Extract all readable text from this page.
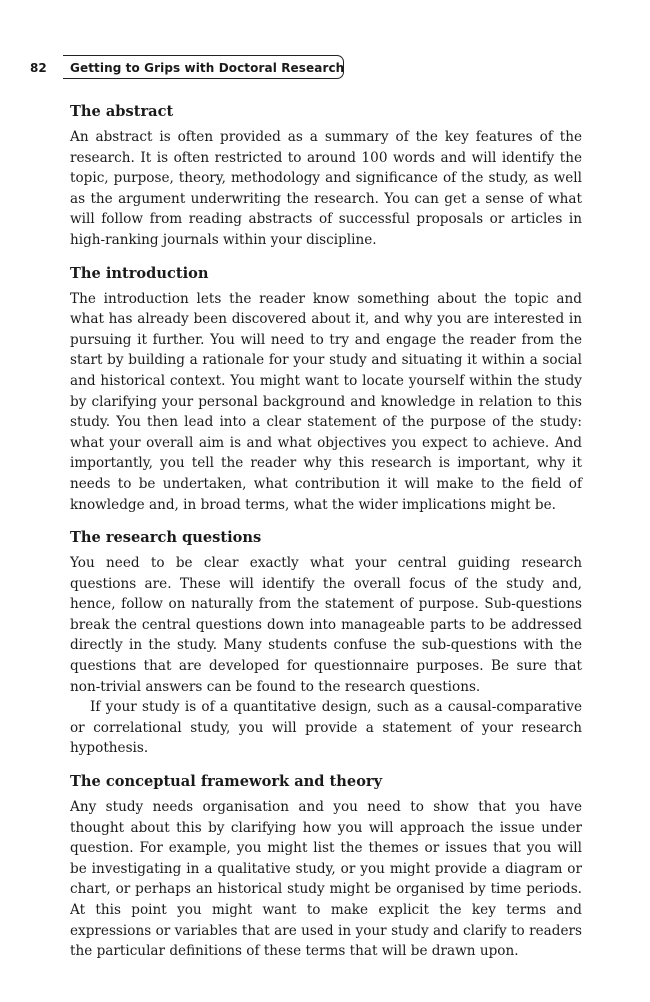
82 Getting to Grips with Doctoral Research
The abstract

An abstract is often provided as a summary of the key features of the research. It is often restricted to around 100 words and will identify the topic, purpose, theory, methodology and significance of the study, as well as the argument underwriting the research. You can get a sense of what will follow from reading abstracts of successful proposals or articles in high-ranking journals within your discipline.

The introduction

The introduction lets the reader know something about the topic and what has already been discovered about it, and why you are interested in pursuing it further. You will need to try and engage the reader from the start by building a rationale for your study and situating it within a social and historical context. You might want to locate yourself within the study by clarifying your personal background and knowledge in relation to this study. You then lead into a clear statement of the purpose of the study: what your overall aim is and what objectives you expect to achieve. And importantly, you tell the reader why this research is important, why it needs to be undertaken, what contribution it will make to the field of knowledge and, in broad terms, what the wider implications might be.

The research questions

You need to be clear exactly what your central guiding research questions are. These will identify the overall focus of the study and, hence, follow on naturally from the statement of purpose. Sub-questions break the central questions down into manageable parts to be addressed directly in the study. Many students confuse the sub-questions with the questions that are developed for questionnaire purposes. Be sure that non-trivial answers can be found to the research questions.

If your study is of a quantitative design, such as a causal-comparative or correlational study, you will provide a statement of your research hypothesis.

The conceptual framework and theory

Any study needs organisation and you need to show that you have thought about this by clarifying how you will approach the issue under question. For example, you might list the themes or issues that you will be investigating in a qualitative study, or you might provide a diagram or chart, or perhaps an historical study might be organised by time periods. At this point you might want to make explicit the key terms and expressions or variables that are used in your study and clarify to readers the particular definitions of these terms that will be drawn upon.
